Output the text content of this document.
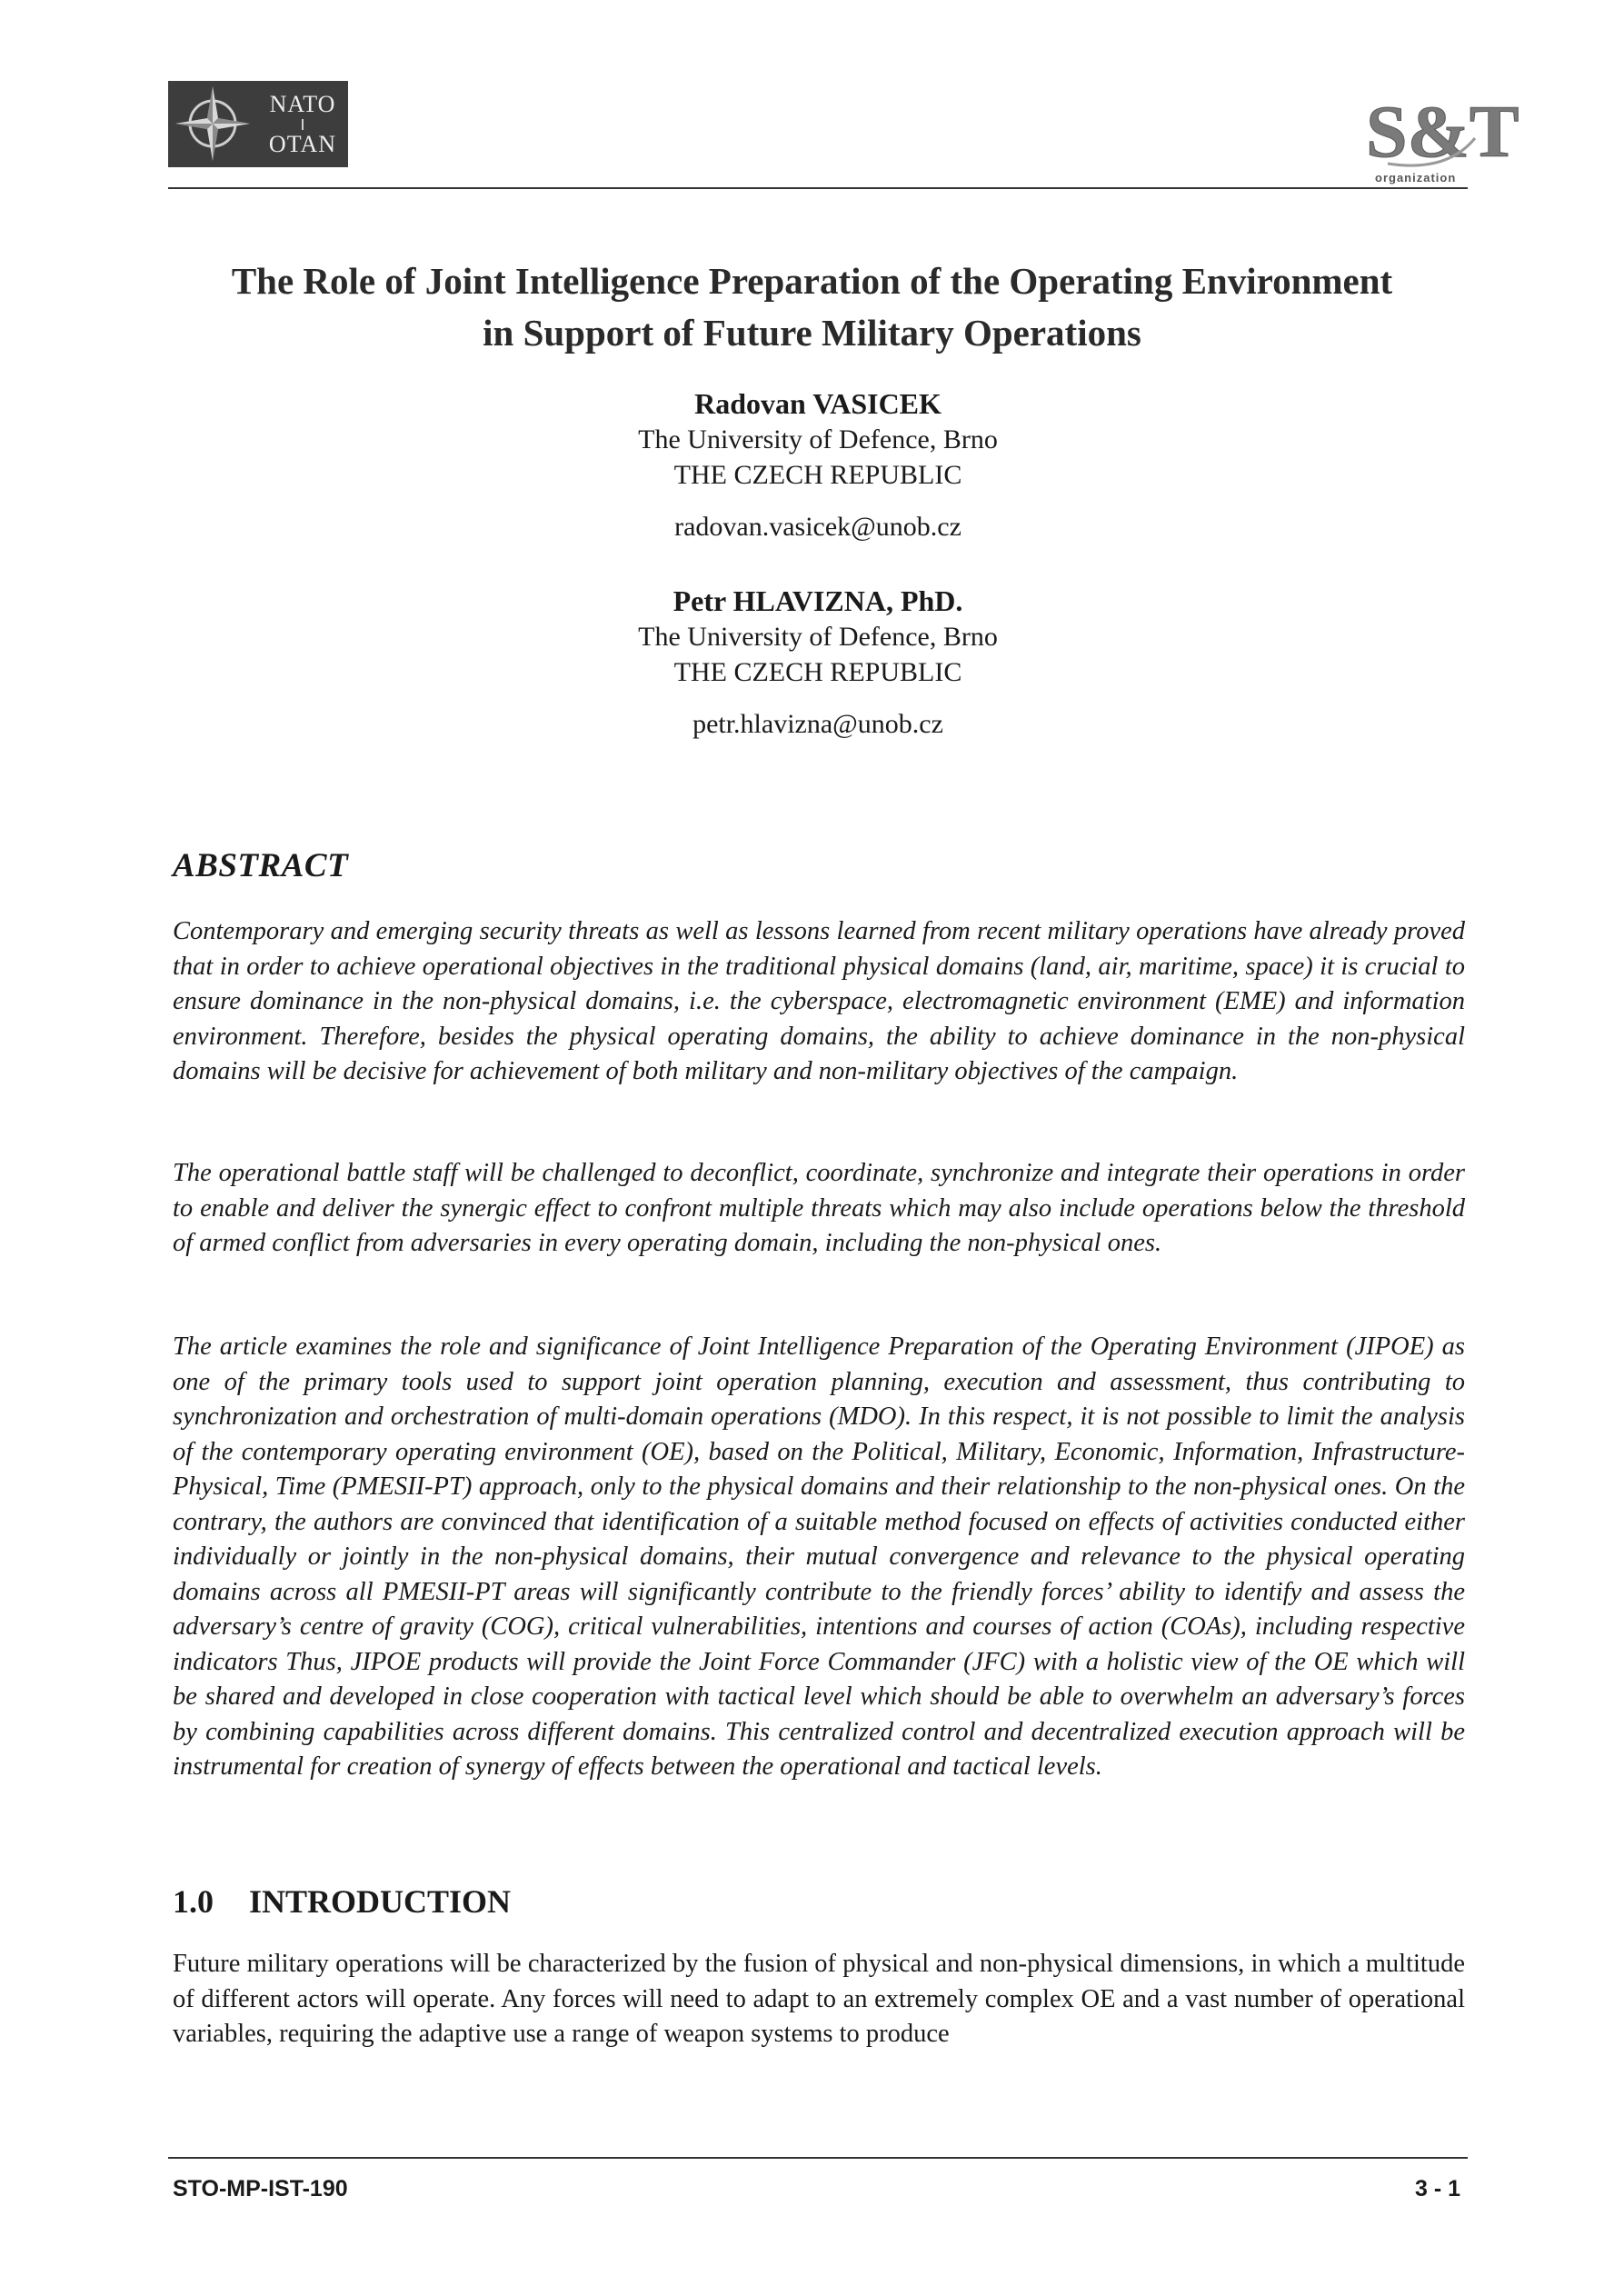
NATO
OTAN	S&T
organization
The Role of Joint Intelligence Preparation of the Operating Environment
in Support of Future Military Operations
Radovan VASICEK
The University of Defence, Brno
THE CZECH REPUBLIC
radovan.vasicek@unob.cz
Petr HLAVIZNA, PhD.
The University of Defence, Brno
THE CZECH REPUBLIC
petr.hlavizna@unob.cz
ABSTRACT
Contemporary and emerging security threats as well as lessons learned from recent military operations have already proved that in order to achieve operational objectives in the traditional physical domains (land, air, maritime, space) it is crucial to ensure dominance in the non-physical domains, i.e. the cyberspace, electromagnetic environment (EME) and information environment. Therefore, besides the physical operating domains, the ability to achieve dominance in the non-physical domains will be decisive for achievement of both military and non-military objectives of the campaign.
The operational battle staff will be challenged to deconflict, coordinate, synchronize and integrate their operations in order to enable and deliver the synergic effect to confront multiple threats which may also include operations below the threshold of armed conflict from adversaries in every operating domain, including the non-physical ones.
The article examines the role and significance of Joint Intelligence Preparation of the Operating Environment (JIPOE) as one of the primary tools used to support joint operation planning, execution and assessment, thus contributing to synchronization and orchestration of multi-domain operations (MDO). In this respect, it is not possible to limit the analysis of the contemporary operating environment (OE), based on the Political, Military, Economic, Information, Infrastructure-Physical, Time (PMESII-PT) approach, only to the physical domains and their relationship to the non-physical ones. On the contrary, the authors are convinced that identification of a suitable method focused on effects of activities conducted either individually or jointly in the non-physical domains, their mutual convergence and relevance to the physical operating domains across all PMESII-PT areas will significantly contribute to the friendly forces’ ability to identify and assess the adversary’s centre of gravity (COG), critical vulnerabilities, intentions and courses of action (COAs), including respective indicators Thus, JIPOE products will provide the Joint Force Commander (JFC) with a holistic view of the OE which will be shared and developed in close cooperation with tactical level which should be able to overwhelm an adversary’s forces by combining capabilities across different domains. This centralized control and decentralized execution approach will be instrumental for creation of synergy of effects between the operational and tactical levels.
1.0 INTRODUCTION
Future military operations will be characterized by the fusion of physical and non-physical dimensions, in which a multitude of different actors will operate. Any forces will need to adapt to an extremely complex OE and a vast number of operational variables, requiring the adaptive use a range of weapon systems to produce
STO-MP-IST-190	3 - 1
